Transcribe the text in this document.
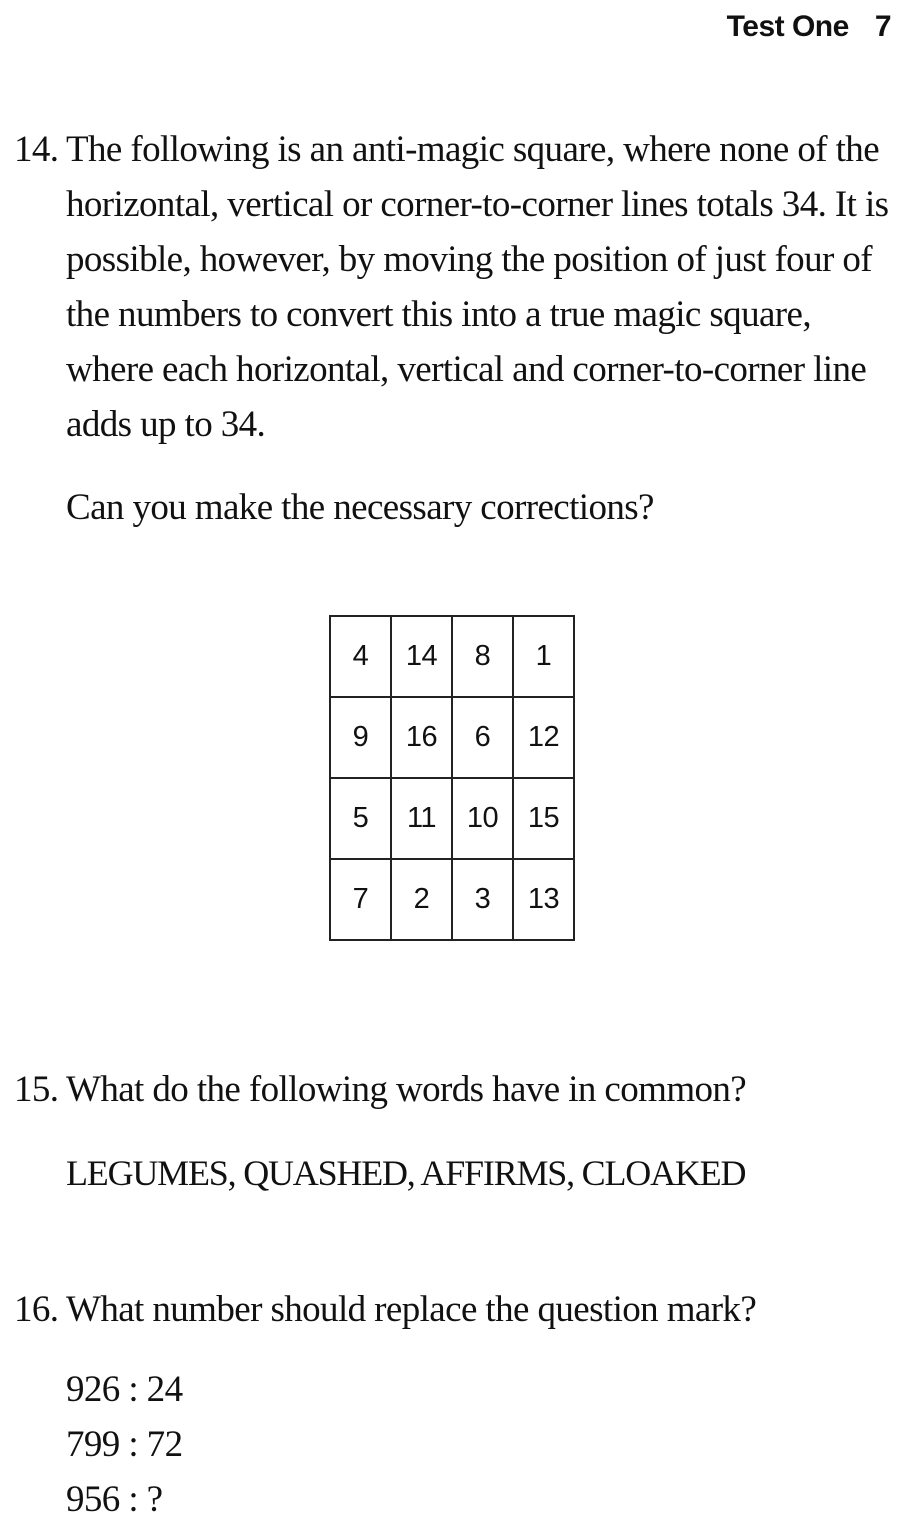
Test One 7
14. The following is an anti-magic square, where none of the
horizontal, vertical or corner-to-corner lines totals 34. It is
possible, however, by moving the position of just four of
the numbers to convert this into a true magic square,
where each horizontal, vertical and corner-to-corner line
adds up to 34.
Can you make the necessary corrections?
4	14	8	1
9	16	6	12
5	11	10	15
7	2	3	13
15. What do the following words have in common?
LEGUMES, QUASHED, AFFIRMS, CLOAKED
16. What number should replace the question mark?
926 : 24
799 : 72
956 : ?
